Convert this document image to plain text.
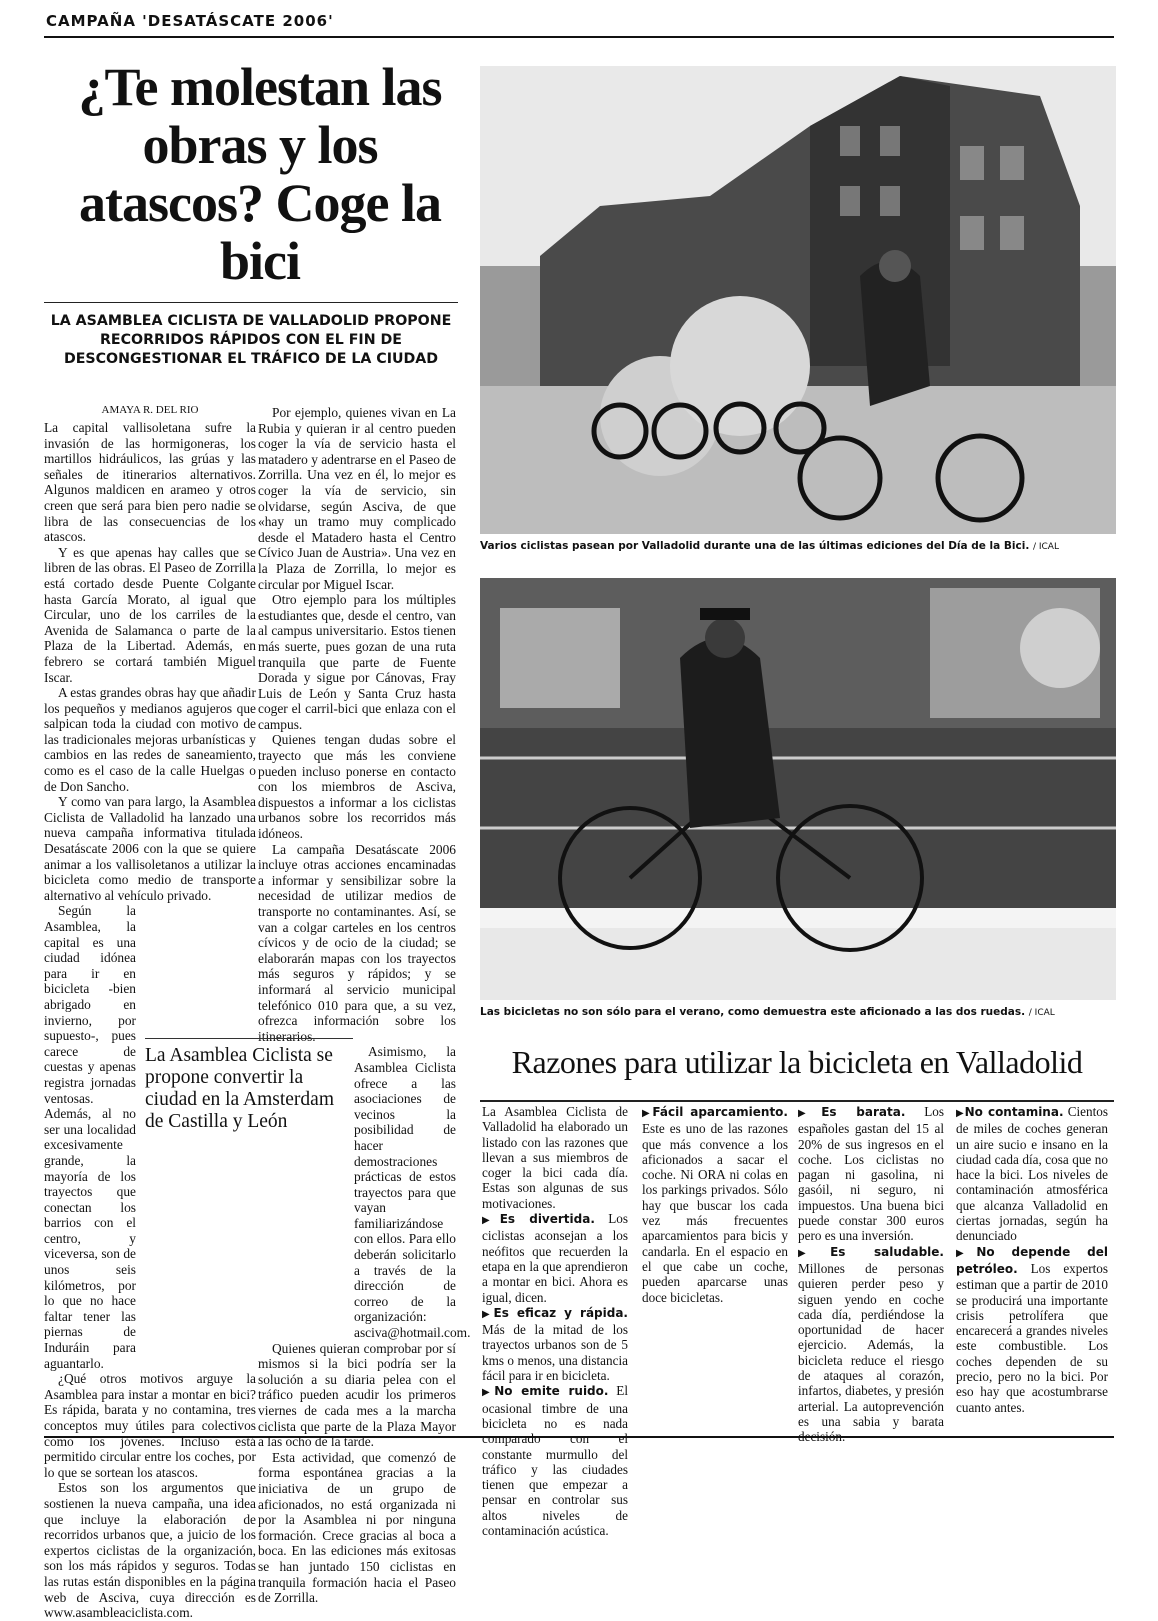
CAMPAÑA 'DESATÁSCATE 2006'
¿Te molestan las obras y los atascos? Coge la bici
LA ASAMBLEA CICLISTA DE VALLADOLID PROPONE RECORRIDOS RÁPIDOS CON EL FIN DE DESCONGESTIONAR EL TRÁFICO DE LA CIUDAD
AMAYA R. DEL RIO

La capital vallisoletana sufre la invasión de las hormigoneras, los martillos hidráulicos, las grúas y las señales de itinerarios alternativos. Algunos maldicen en arameo y otros creen que será para bien pero nadie se libra de las consecuencias de los atascos.

Y es que apenas hay calles que se libren de las obras. El Paseo de Zorrilla está cortado desde Puente Colgante hasta García Morato, al igual que Circular, uno de los carriles de la Avenida de Salamanca o parte de la Plaza de la Libertad. Además, en febrero se cortará también Miguel Iscar.

A estas grandes obras hay que añadir los pequeños y medianos agujeros que salpican toda la ciudad con motivo de las tradicionales mejoras urbanísticas y cambios en las redes de saneamiento, como es el caso de la calle Huelgas o de Don Sancho.

Y como van para largo, la Asamblea Ciclista de Valladolid ha lanzado una nueva campaña informativa titulada Desatáscate 2006 con la que se quiere animar a los vallisoletanos a utilizar la bicicleta como medio de transporte alternativo al vehículo privado.

Según la Asamblea, la capital es una ciudad idónea para ir en bicicleta -bien abrigado en invierno, por supuesto-, pues carece de cuestas y apenas registra jornadas ventosas. Además, al no ser una localidad excesivamente grande, la mayoría de los trayectos que conectan los barrios con el centro, y viceversa, son de unos seis kilómetros, por lo que no hace faltar tener las piernas de Induráin para aguantarlo.

¿Qué otros motivos arguye la Asamblea para instar a montar en bici? Es rápida, barata y no contamina, tres conceptos muy útiles para colectivos como los jóvenes. Incluso está permitido circular entre los coches, por lo que se sortean los atascos.

Estos son los argumentos que sostienen la nueva campaña, una idea que incluye la elaboración de recorridos urbanos que, a juicio de los expertos ciclistas de la organización, son los más rápidos y seguros. Todas las rutas están disponibles en la página web de Asciva, cuya dirección es www.asambleaciclista.com.

Por ejemplo, quienes vivan en La Rubia y quieran ir al centro pueden coger la vía de servicio hasta el matadero y adentrarse en el Paseo de Zorrilla. Una vez en él, lo mejor es coger la vía de servicio, sin olvidarse, según Asciva, de que «hay un tramo muy complicado desde el Matadero hasta el Centro Cívico Juan de Austria». Una vez en la Plaza de Zorrilla, lo mejor es circular por Miguel Iscar.

Otro ejemplo para los múltiples estudiantes que, desde el centro, van al campus universitario. Estos tienen más suerte, pues gozan de una ruta tranquila que parte de Fuente Dorada y sigue por Cánovas, Fray Luis de León y Santa Cruz hasta coger el carril-bici que enlaza con el campus.

Quienes tengan dudas sobre el trayecto que más les conviene pueden incluso ponerse en contacto con los miembros de Asciva, dispuestos a informar a los ciclistas urbanos sobre los recorridos más idóneos.

La campaña Desatáscate 2006 incluye otras acciones encaminadas a informar y sensibilizar sobre la necesidad de utilizar medios de transporte no contaminantes. Así, se van a colgar carteles en los centros cívicos y de ocio de la ciudad; se elaborarán mapas con los trayectos más seguros y rápidos; y se informará al servicio municipal telefónico 010 para que, a su vez, ofrezca información sobre los itinerarios.

Asimismo, la Asamblea Ciclista ofrece a las asociaciones de vecinos la posibilidad de hacer demostraciones prácticas de estos trayectos para que vayan familiarizándose con ellos. Para ello deberán solicitarlo a través de la dirección de correo de la organización: asciva@hotmail.com.

Quienes quieran comprobar por sí mismos si la bici podría ser la solución a su diaria pelea con el tráfico pueden acudir los primeros viernes de cada mes a la marcha ciclista que parte de la Plaza Mayor a las ocho de la tarde.

Esta actividad, que comenzó de forma espontánea gracias a la iniciativa de un grupo de aficionados, no está organizada ni por la Asamblea ni por ninguna formación. Crece gracias al boca a boca. En las ediciones más exitosas se han juntado 150 ciclistas en tranquila formación hacia el Paseo de Zorrilla.

La Asamblea Ciclista se propone convertir la ciudad en la Amsterdam de Castilla y León
Varios ciclistas pasean por Valladolid durante una de las últimas ediciones del Día de la Bici. / ICAL
Las bicicletas no son sólo para el verano, como demuestra este aficionado a las dos ruedas. / ICAL
Razones para utilizar la bicicleta en Valladolid

La Asamblea Ciclista de Valladolid ha elaborado un listado con las razones que llevan a sus miembros de coger la bici cada día. Estas son algunas de sus motivaciones.

▶Es divertida. Los ciclistas aconsejan a los neófitos que recuerden la etapa en la que aprendieron a montar en bici. Ahora es igual, dicen.

▶Es eficaz y rápida. Más de la mitad de los trayectos urbanos son de 5 kms o menos, una distancia fácil para ir en bicicleta.

▶No emite ruido. El ocasional timbre de una bicicleta no es nada comparado con el constante murmullo del tráfico y las ciudades tienen que empezar a pensar en controlar sus altos niveles de contaminación acústica.

▶Fácil aparcamiento. Este es uno de las razones que más convence a los aficionados a sacar el coche. Ni ORA ni colas en los parkings privados. Sólo hay que buscar los cada vez más frecuentes aparcamientos para bicis y candarla. En el espacio en el que cabe un coche, pueden aparcarse unas doce bicicletas.

▶Es barata. Los españoles gastan del 15 al 20% de sus ingresos en el coche. Los ciclistas no pagan ni gasolina, ni gasóil, ni seguro, ni impuestos. Una buena bici puede constar 300 euros pero es una inversión.

▶Es saludable. Millones de personas quieren perder peso y siguen yendo en coche cada día, perdiéndose la oportunidad de hacer ejercicio. Además, la bicicleta reduce el riesgo de ataques al corazón, infartos, diabetes, y presión arterial. La autoprevención es una sabia y barata decisión.

▶No contamina. Cientos de miles de coches generan un aire sucio e insano en la ciudad cada día, cosa que no hace la bici. Los niveles de contaminación atmosférica que alcanza Valladolid en ciertas jornadas, según ha denunciado

▶No depende del petróleo. Los expertos estiman que a partir de 2010 se producirá una importante crisis petrolífera que encarecerá a grandes niveles este combustible. Los coches dependen de su precio, pero no la bici. Por eso hay que acostumbrarse cuanto antes.
